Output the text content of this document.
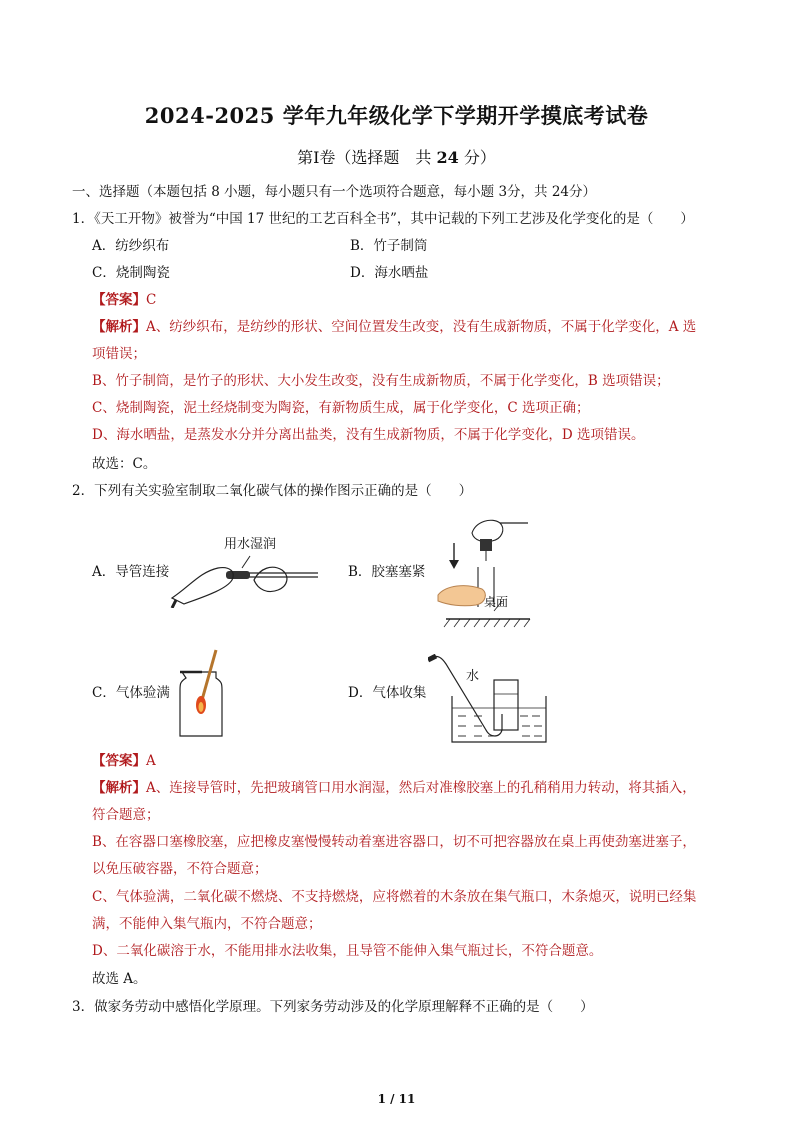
2024-2025 学年九年级化学下学期开学摸底考试卷
第Ⅰ卷（选择题　共 24 分）
一、选择题（本题包括 8 小题，每小题只有一个选项符合题意，每小题 3分，共 24分）
1．《天工开物》被誉为“中国 17 世纪的工艺百科全书”，其中记载的下列工艺涉及化学变化的是（　　）
A．纺纱织布	B．竹子制筒
C．烧制陶瓷	D．海水晒盐
【答案】C
【解析】A、纺纱织布，是纺纱的形状、空间位置发生改变，没有生成新物质，不属于化学变化，A 选
项错误；
B、竹子制筒，是竹子的形状、大小发生改变，没有生成新物质，不属于化学变化，B 选项错误；
C、烧制陶瓷，泥土经烧制变为陶瓷，有新物质生成，属于化学变化，C 选项正确；
D、海水晒盐，是蒸发水分并分离出盐类，没有生成新物质，不属于化学变化，D 选项错误。
故选：C。
2．下列有关实验室制取二氧化碳气体的操作图示正确的是（　　）
A．导管连接	B．胶塞塞紧
C．气体验满	D．气体收集
用水湿润
桌面
水
【答案】A
【解析】A、连接导管时，先把玻璃管口用水润湿，然后对准橡胶塞上的孔稍稍用力转动，将其插入，
符合题意；
B、在容器口塞橡胶塞，应把橡皮塞慢慢转动着塞进容器口，切不可把容器放在桌上再使劲塞进塞子，
以免压破容器，不符合题意；
C、气体验满，二氧化碳不燃烧、不支持燃烧，应将燃着的木条放在集气瓶口，木条熄灭，说明已经集
满，不能伸入集气瓶内，不符合题意；
D、二氧化碳溶于水，不能用排水法收集，且导管不能伸入集气瓶过长，不符合题意。
故选 A。
3．做家务劳动中感悟化学原理。下列家务劳动涉及的化学原理解释不正确的是（　　）
1 / 11
